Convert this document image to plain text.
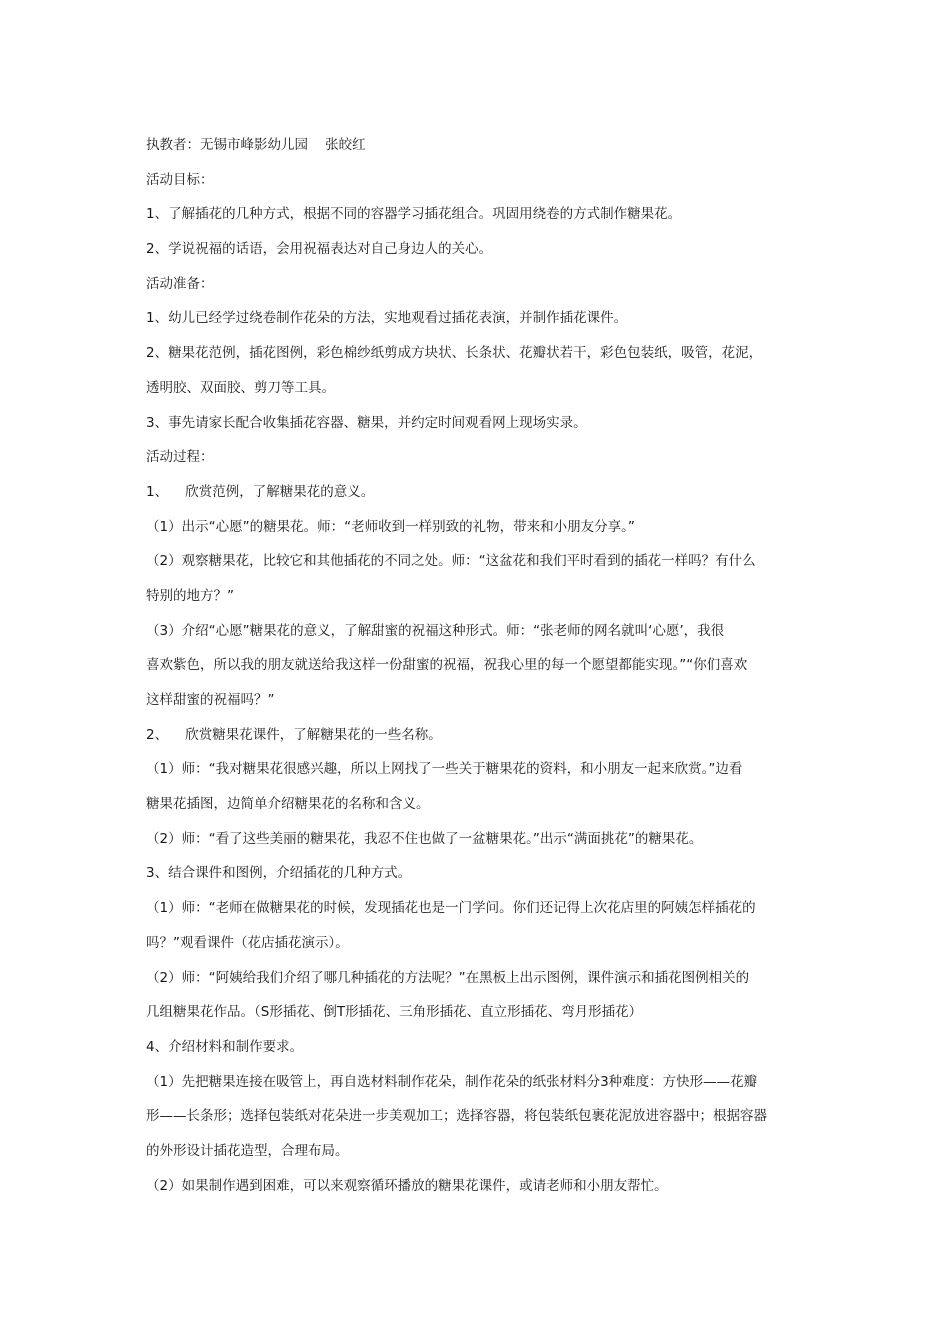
执教者：无锡市峰影幼儿园    张皎红
活动目标：
1、了解插花的几种方式，根据不同的容器学习插花组合。巩固用绕卷的方式制作糖果花。
2、学说祝福的话语，会用祝福表达对自己身边人的关心。
活动准备：
1、幼儿已经学过绕卷制作花朵的方法，实地观看过插花表演，并制作插花课件。
2、糖果花范例，插花图例，彩色棉纱纸剪成方块状、长条状、花瓣状若干，彩色包装纸，吸管，花泥，
透明胶、双面胶、剪刀等工具。
3、事先请家长配合收集插花容器、糖果，并约定时间观看网上现场实录。
活动过程：
1、    欣赏范例，了解糖果花的意义。
（1）出示“心愿”的糖果花。师：“老师收到一样别致的礼物，带来和小朋友分享。”
（2）观察糖果花，比较它和其他插花的不同之处。师：“这盆花和我们平时看到的插花一样吗？有什么
特别的地方？”
（3）介绍“心愿”糖果花的意义，了解甜蜜的祝福这种形式。师：“张老师的网名就叫‘心愿’，我很
喜欢紫色，所以我的朋友就送给我这样一份甜蜜的祝福，祝我心里的每一个愿望都能实现。”“你们喜欢
这样甜蜜的祝福吗？”
2、    欣赏糖果花课件，了解糖果花的一些名称。
（1）师：“我对糖果花很感兴趣，所以上网找了一些关于糖果花的资料，和小朋友一起来欣赏。”边看
糖果花插图，边简单介绍糖果花的名称和含义。
（2）师：“看了这些美丽的糖果花，我忍不住也做了一盆糖果花。”出示“满面挑花”的糖果花。
3、结合课件和图例，介绍插花的几种方式。
（1）师：“老师在做糖果花的时候，发现插花也是一门学问。你们还记得上次花店里的阿姨怎样插花的
吗？”观看课件（花店插花演示）。
（2）师：“阿姨给我们介绍了哪几种插花的方法呢？”在黑板上出示图例，课件演示和插花图例相关的
几组糖果花作品。（S形插花、倒T形插花、三角形插花、直立形插花、弯月形插花）
4、介绍材料和制作要求。
（1）先把糖果连接在吸管上，再自选材料制作花朵，制作花朵的纸张材料分3种难度：方快形——花瓣
形——长条形；选择包装纸对花朵进一步美观加工；选择容器，将包装纸包裹花泥放进容器中；根据容器
的外形设计插花造型，合理布局。
（2）如果制作遇到困难，可以来观察循环播放的糖果花课件，或请老师和小朋友帮忙。
